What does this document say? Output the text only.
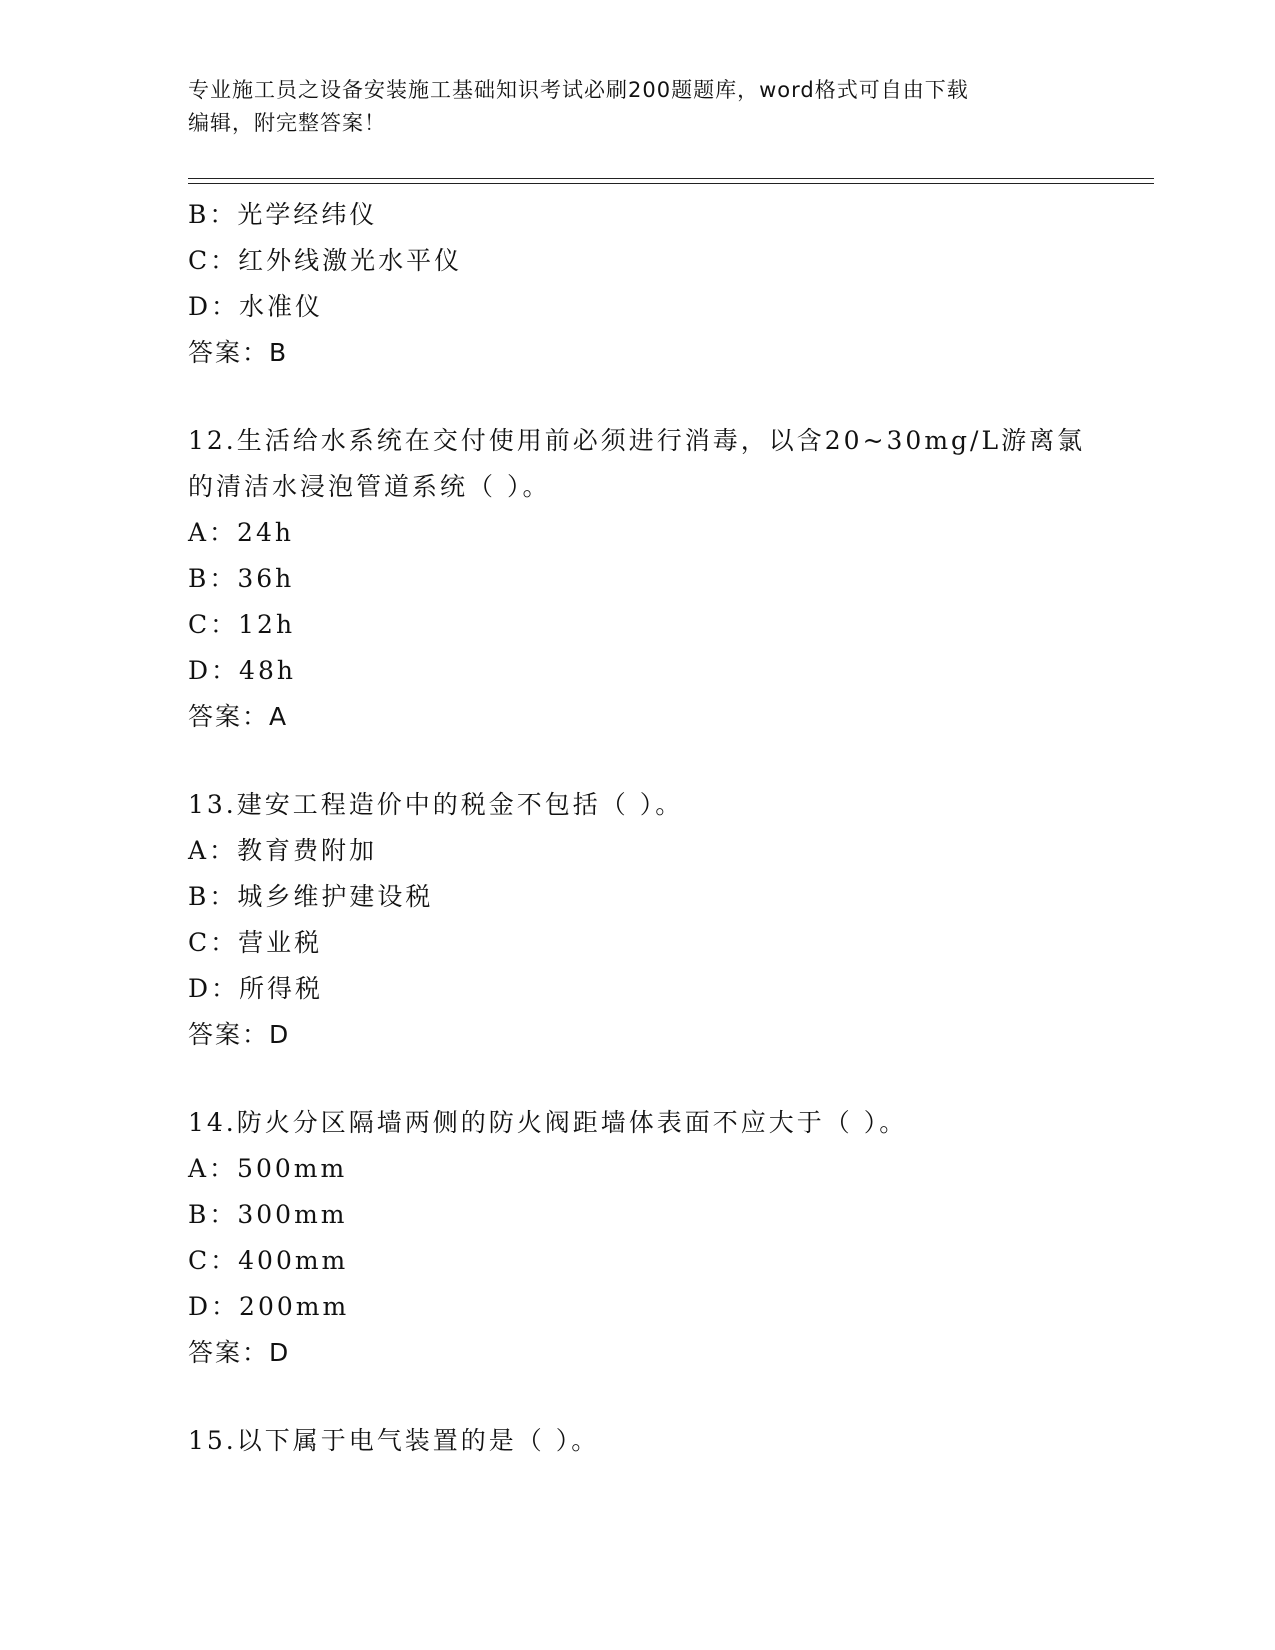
专业施工员之设备安装施工基础知识考试必刷200题题库，word格式可自由下载
编辑，附完整答案！
B：光学经纬仪
C：红外线激光水平仪
D：水准仪
答案：B
12.生活给水系统在交付使用前必须进行消毒，以含20~30mg/L游离氯
的清洁水浸泡管道系统（ ）。
A：24h
B：36h
C：12h
D：48h
答案：A
13.建安工程造价中的税金不包括（ ）。
A：教育费附加
B：城乡维护建设税
C：营业税
D：所得税
答案：D
14.防火分区隔墙两侧的防火阀距墙体表面不应大于（ ）。
A：500mm
B：300mm
C：400mm
D：200mm
答案：D
15.以下属于电气装置的是（ ）。
